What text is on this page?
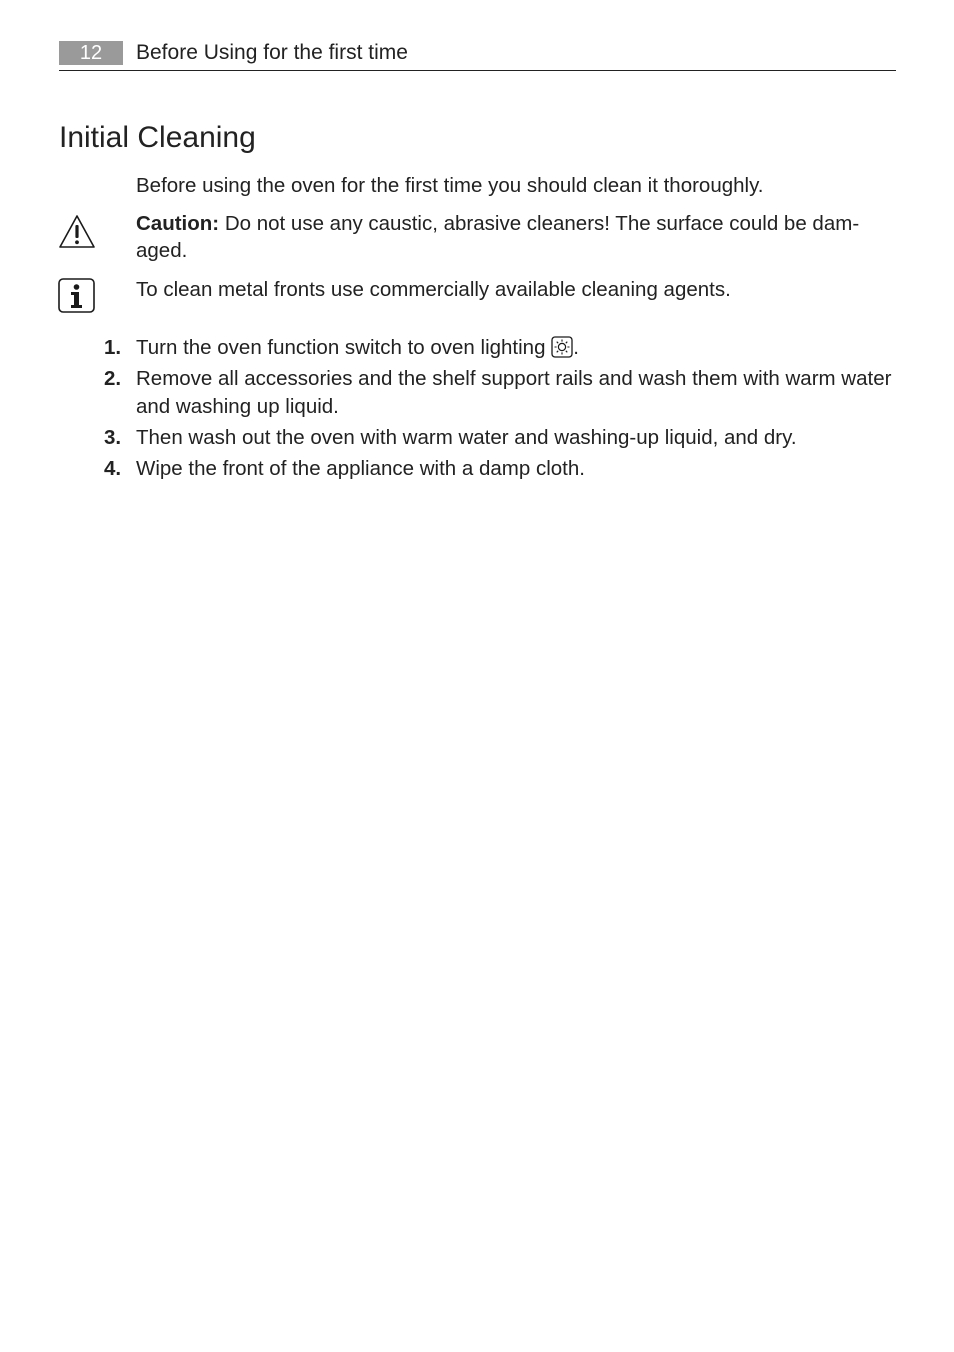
12	Before Using for the first time
Initial Cleaning

Before using the oven for the first time you should clean it thoroughly.

Caution: Do not use any caustic, abrasive cleaners! The surface could be dam-aged.

To clean metal fronts use commercially available cleaning agents.

1. Turn the oven function switch to oven lighting .
2. Remove all accessories and the shelf support rails and wash them with warm water and washing up liquid.
3. Then wash out the oven with warm water and washing-up liquid, and dry.
4. Wipe the front of the appliance with a damp cloth.
